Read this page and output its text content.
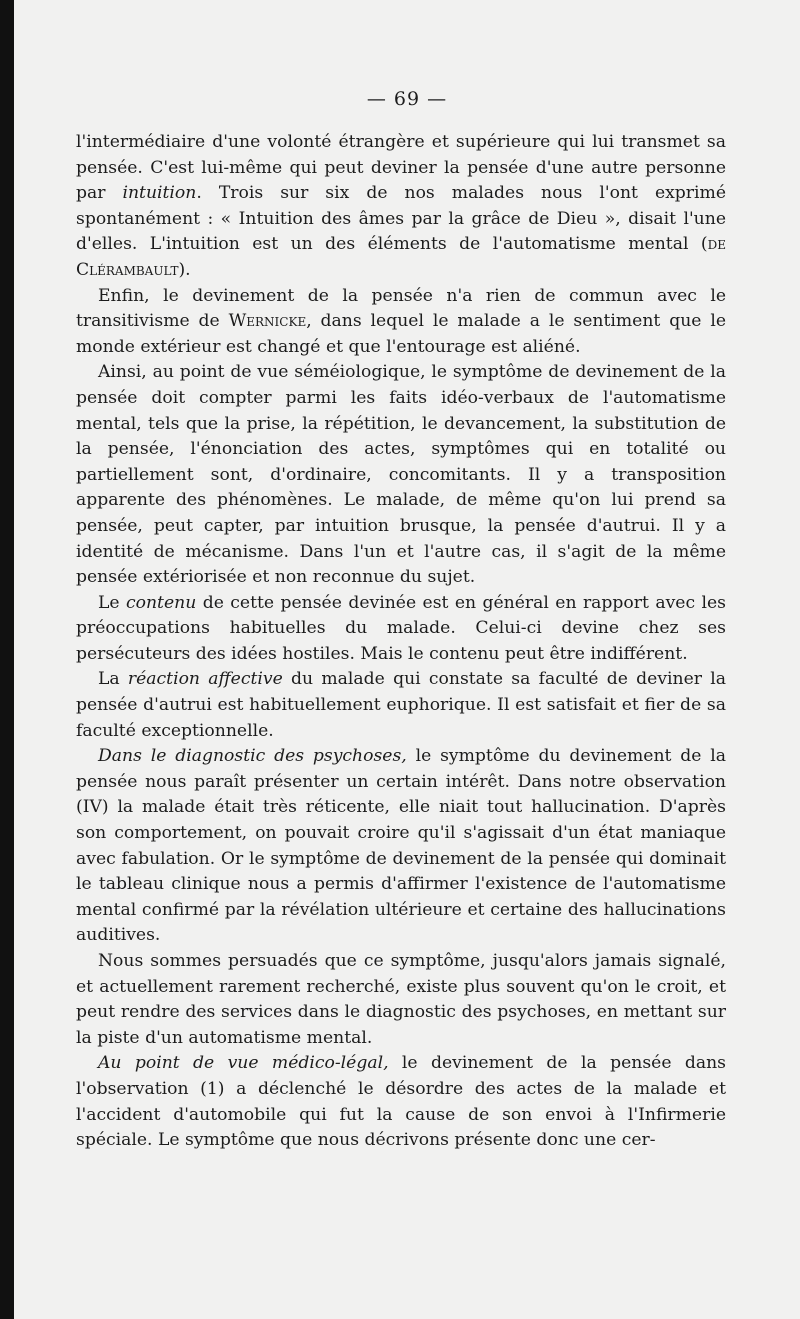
— 69 —

l'intermédiaire d'une volonté étrangère et supérieure qui lui transmet sa pensée. C'est lui-même qui peut deviner la pensée d'une autre personne par intuition. Trois sur six de nos malades nous l'ont exprimé spontanément : « Intuition des âmes par la grâce de Dieu », disait l'une d'elles. L'intuition est un des éléments de l'automatisme mental (de Clérambault).

Enfin, le devinement de la pensée n'a rien de commun avec le transitivisme de Wernicke, dans lequel le malade a le sentiment que le monde extérieur est changé et que l'entourage est aliéné.

Ainsi, au point de vue séméiologique, le symptôme de devinement de la pensée doit compter parmi les faits idéo-verbaux de l'automatisme mental, tels que la prise, la répétition, le devancement, la substitution de la pensée, l'énonciation des actes, symptômes qui en totalité ou partiellement sont, d'ordinaire, concomitants. Il y a transposition apparente des phénomènes. Le malade, de même qu'on lui prend sa pensée, peut capter, par intuition brusque, la pensée d'autrui. Il y a identité de mécanisme. Dans l'un et l'autre cas, il s'agit de la même pensée extériorisée et non reconnue du sujet.

Le contenu de cette pensée devinée est en général en rapport avec les préoccupations habituelles du malade. Celui-ci devine chez ses persécuteurs des idées hostiles. Mais le contenu peut être indifférent.

La réaction affective du malade qui constate sa faculté de deviner la pensée d'autrui est habituellement euphorique. Il est satisfait et fier de sa faculté exceptionnelle.

Dans le diagnostic des psychoses, le symptôme du devinement de la pensée nous paraît présenter un certain intérêt. Dans notre observation (IV) la malade était très réticente, elle niait tout hallucination. D'après son comportement, on pouvait croire qu'il s'agissait d'un état maniaque avec fabulation. Or le symptôme de devinement de la pensée qui dominait le tableau clinique nous a permis d'affirmer l'existence de l'automatisme mental confirmé par la révélation ultérieure et certaine des hallucinations auditives.

Nous sommes persuadés que ce symptôme, jusqu'alors jamais signalé, et actuellement rarement recherché, existe plus souvent qu'on le croit, et peut rendre des services dans le diagnostic des psychoses, en mettant sur la piste d'un automatisme mental.

Au point de vue médico-légal, le devinement de la pensée dans l'observation (1) a déclenché le désordre des actes de la malade et l'accident d'automobile qui fut la cause de son envoi à l'Infirmerie spéciale. Le symptôme que nous décrivons présente donc une cer-
